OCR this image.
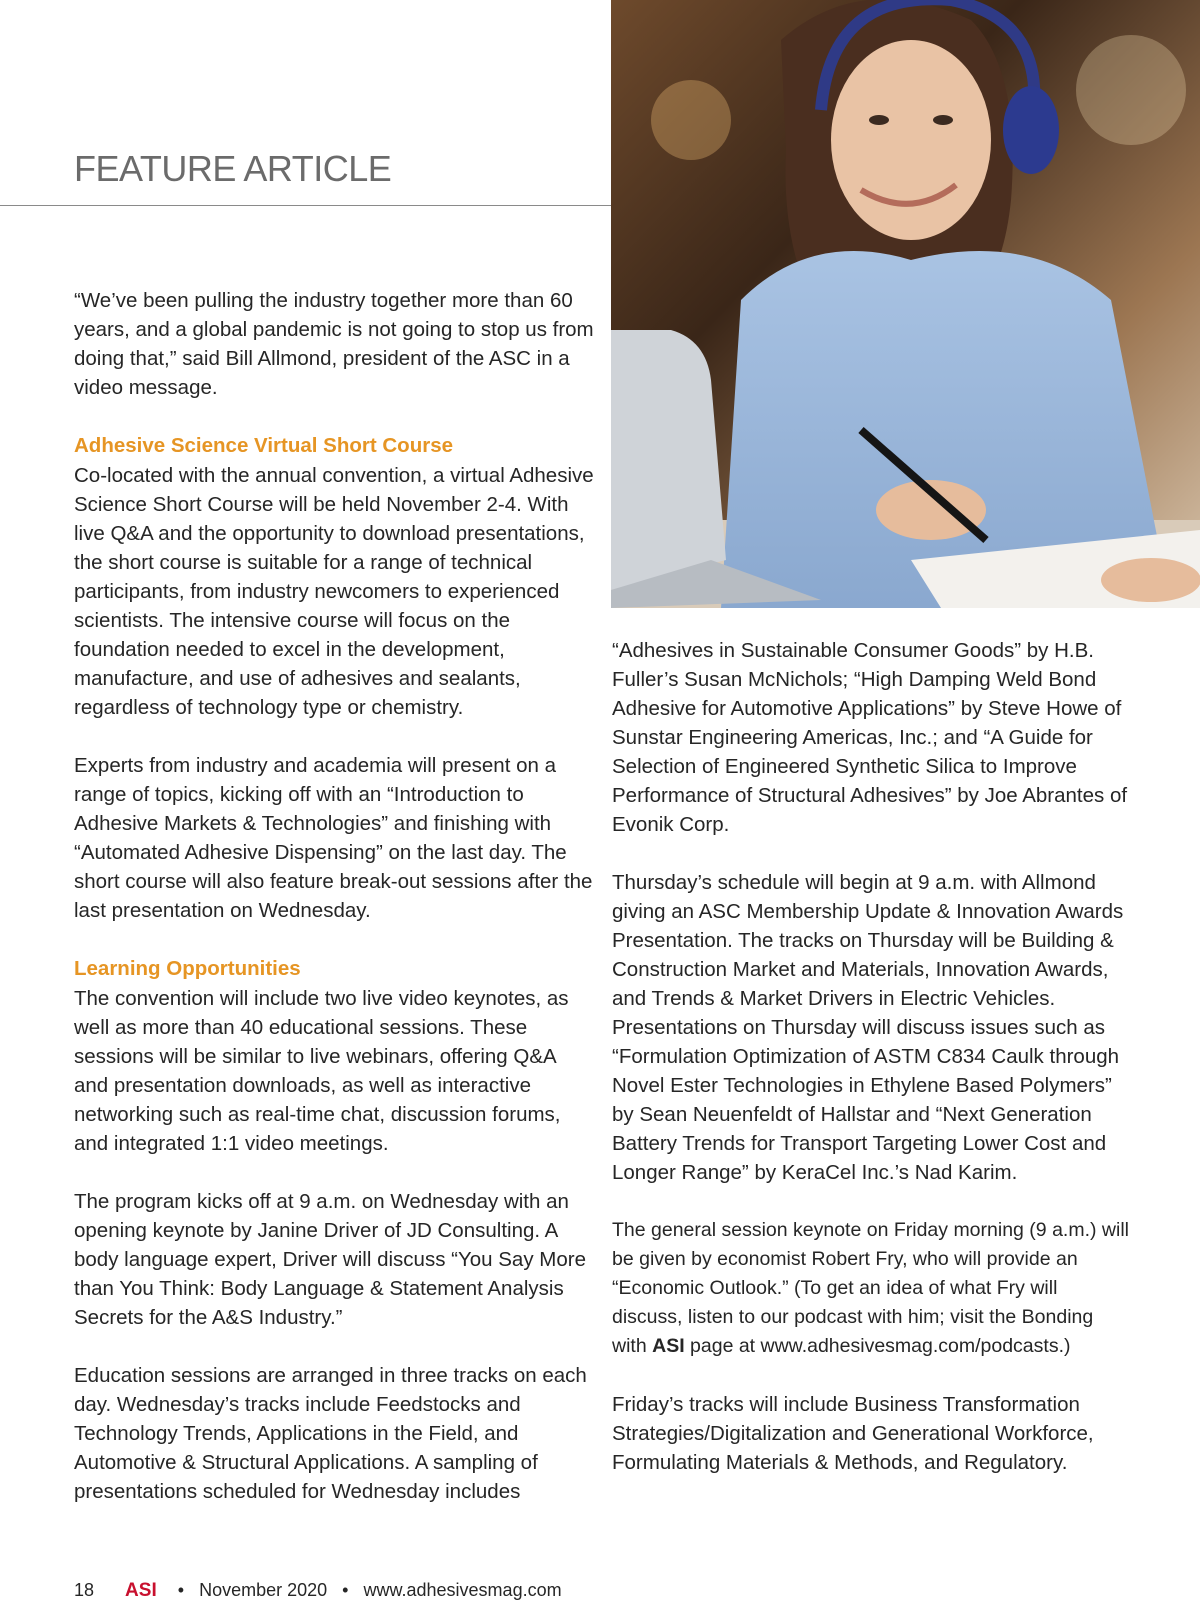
FEATURE ARTICLE

“We’ve been pulling the industry together more than 60 years, and a global pandemic is not going to stop us from doing that,” said Bill Allmond, president of the ASC in a video message.

Adhesive Science Virtual Short Course

Co-located with the annual convention, a virtual Adhesive Science Short Course will be held November 2-4. With live Q&A and the opportunity to download presentations, the short course is suitable for a range of technical participants, from industry newcomers to experienced scientists. The intensive course will focus on the foundation needed to excel in the development, manufacture, and use of adhesives and sealants, regardless of technology type or chemistry.

Experts from industry and academia will present on a range of topics, kicking off with an “Introduction to Adhesive Markets & Technologies” and finishing with “Automated Adhesive Dispensing” on the last day. The short course will also feature break-out sessions after the last presentation on Wednesday.

Learning Opportunities

The convention will include two live video keynotes, as well as more than 40 educational sessions. These sessions will be similar to live webinars, offering Q&A and presentation downloads, as well as interactive networking such as real-time chat, discussion forums, and integrated 1:1 video meetings.

The program kicks off at 9 a.m. on Wednesday with an opening keynote by Janine Driver of JD Consulting. A body language expert, Driver will discuss “You Say More than You Think: Body Language & Statement Analysis Secrets for the A&S Industry.”

Education sessions are arranged in three tracks on each day. Wednesday’s tracks include Feedstocks and Technology Trends, Applications in the Field, and Automotive & Structural Applications. A sampling of presentations scheduled for Wednesday includes

“Adhesives in Sustainable Consumer Goods” by H.B. Fuller’s Susan McNichols; “High Damping Weld Bond Adhesive for Automotive Applications” by Steve Howe of Sunstar Engineering Americas, Inc.; and “A Guide for Selection of Engineered Synthetic Silica to Improve Performance of Structural Adhesives” by Joe Abrantes of Evonik Corp.

Thursday’s schedule will begin at 9 a.m. with Allmond giving an ASC Membership Update & Innovation Awards Presentation. The tracks on Thursday will be Building & Construction Market and Materials, Innovation Awards, and Trends & Market Drivers in Electric Vehicles. Presentations on Thursday will discuss issues such as “Formulation Optimization of ASTM C834 Caulk through Novel Ester Technologies in Ethylene Based Polymers” by Sean Neuenfeldt of Hallstar and “Next Generation Battery Trends for Transport Targeting Lower Cost and Longer Range” by KeraCel Inc.’s Nad Karim.

The general session keynote on Friday morning (9 a.m.) will be given by economist Robert Fry, who will provide an “Economic Outlook.” (To get an idea of what Fry will discuss, listen to our podcast with him; visit the Bonding with ASI page at www.adhesivesmag.com/podcasts.)

Friday’s tracks will include Business Transformation Strategies/Digitalization and Generational Workforce, Formulating Materials & Methods, and Regulatory.

18 ASI • November 2020 • www.adhesivesmag.com
